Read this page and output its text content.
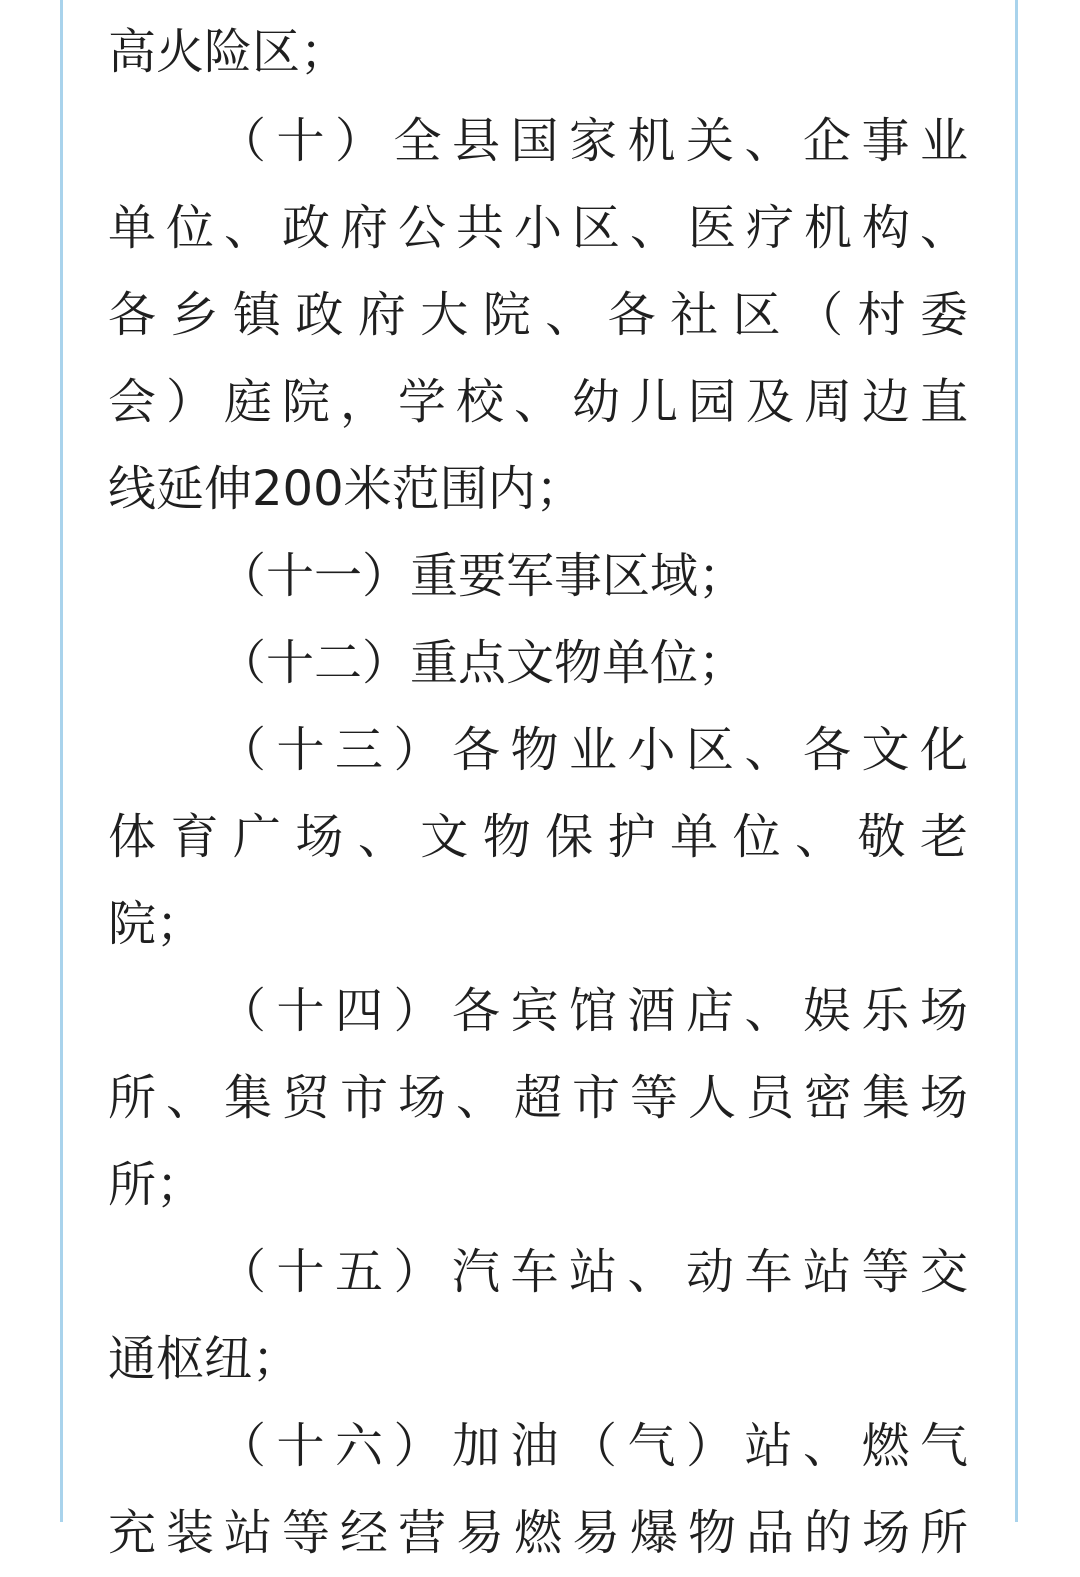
高火险区；
（十）全县国家机关、企事业
单位、政府公共小区、医疗机构、
各乡镇政府大院、各社区（村委
会）庭院，学校、幼儿园及周边直
线延伸200米范围内；
（十一）重要军事区域；
（十二）重点文物单位；
（十三）各物业小区、各文化
体育广场、文物保护单位、敬老
院；
（十四）各宾馆酒店、娱乐场
所、集贸市场、超市等人员密集场
所；
（十五）汽车站、动车站等交
通枢纽；
（十六）加油（气）站、燃气
充装站等经营易燃易爆物品的场所
